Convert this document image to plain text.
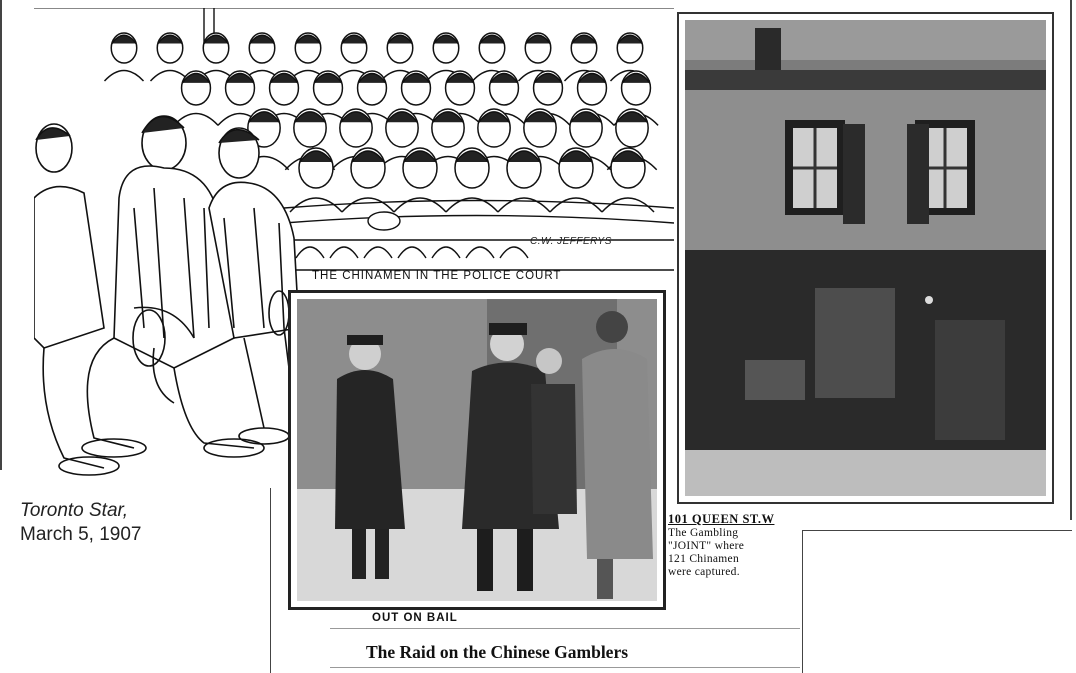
C.W. JEFFERYS
THE CHINAMEN IN THE POLICE COURT
101 QUEEN ST.W
The Gambling
"JOINT" where
121 Chinamen
were captured.
OUT ON BAIL
The Raid on the Chinese Gamblers
Toronto Star,
March 5, 1907
